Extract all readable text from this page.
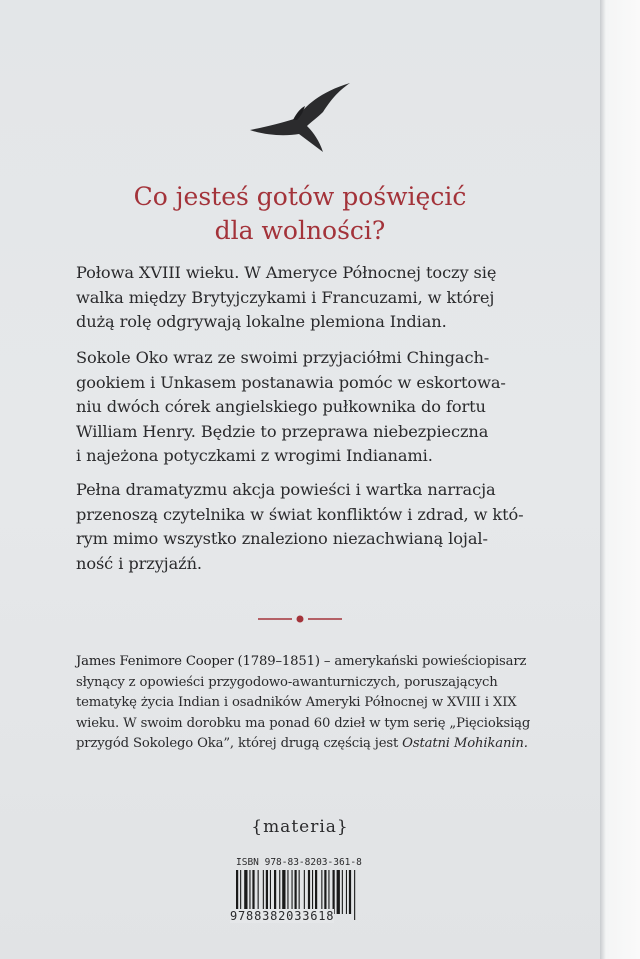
Co jesteś gotów poświęcić
dla wolności?

Połowa XVIII wieku. W Ameryce Północnej toczy się

walka między Brytyjczykami i Francuzami, w której

dużą rolę odgrywają lokalne plemiona Indian.

Sokole Oko wraz ze swoimi przyjaciółmi Chingach-

gookiem i Unkasem postanawia pomóc w eskortowa-

niu dwóch córek angielskiego pułkownika do fortu

William Henry. Będzie to przeprawa niebezpieczna

i najeżona potyczkami z wrogimi Indianami.

Pełna dramatyzmu akcja powieści i wartka narracja

przenoszą czytelnika w świat konfliktów i zdrad, w któ-

rym mimo wszystko znaleziono niezachwianą lojal-

ność i przyjaźń.

James Fenimore Cooper (1789–1851) – amerykański powieściopisarz
słynący z opowieści przygodowo-awanturniczych, poruszających
tematykę życia Indian i osadników Ameryki Północnej w XVIII i XIX
wieku. W swoim dorobku ma ponad 60 dzieł w tym serię „Pięcioksiąg
przygód Sokolego Oka”, której drugą częścią jest Ostatni Mohikanin.
{materia}
ISBN 978-83-8203-361-8
9788382033618
